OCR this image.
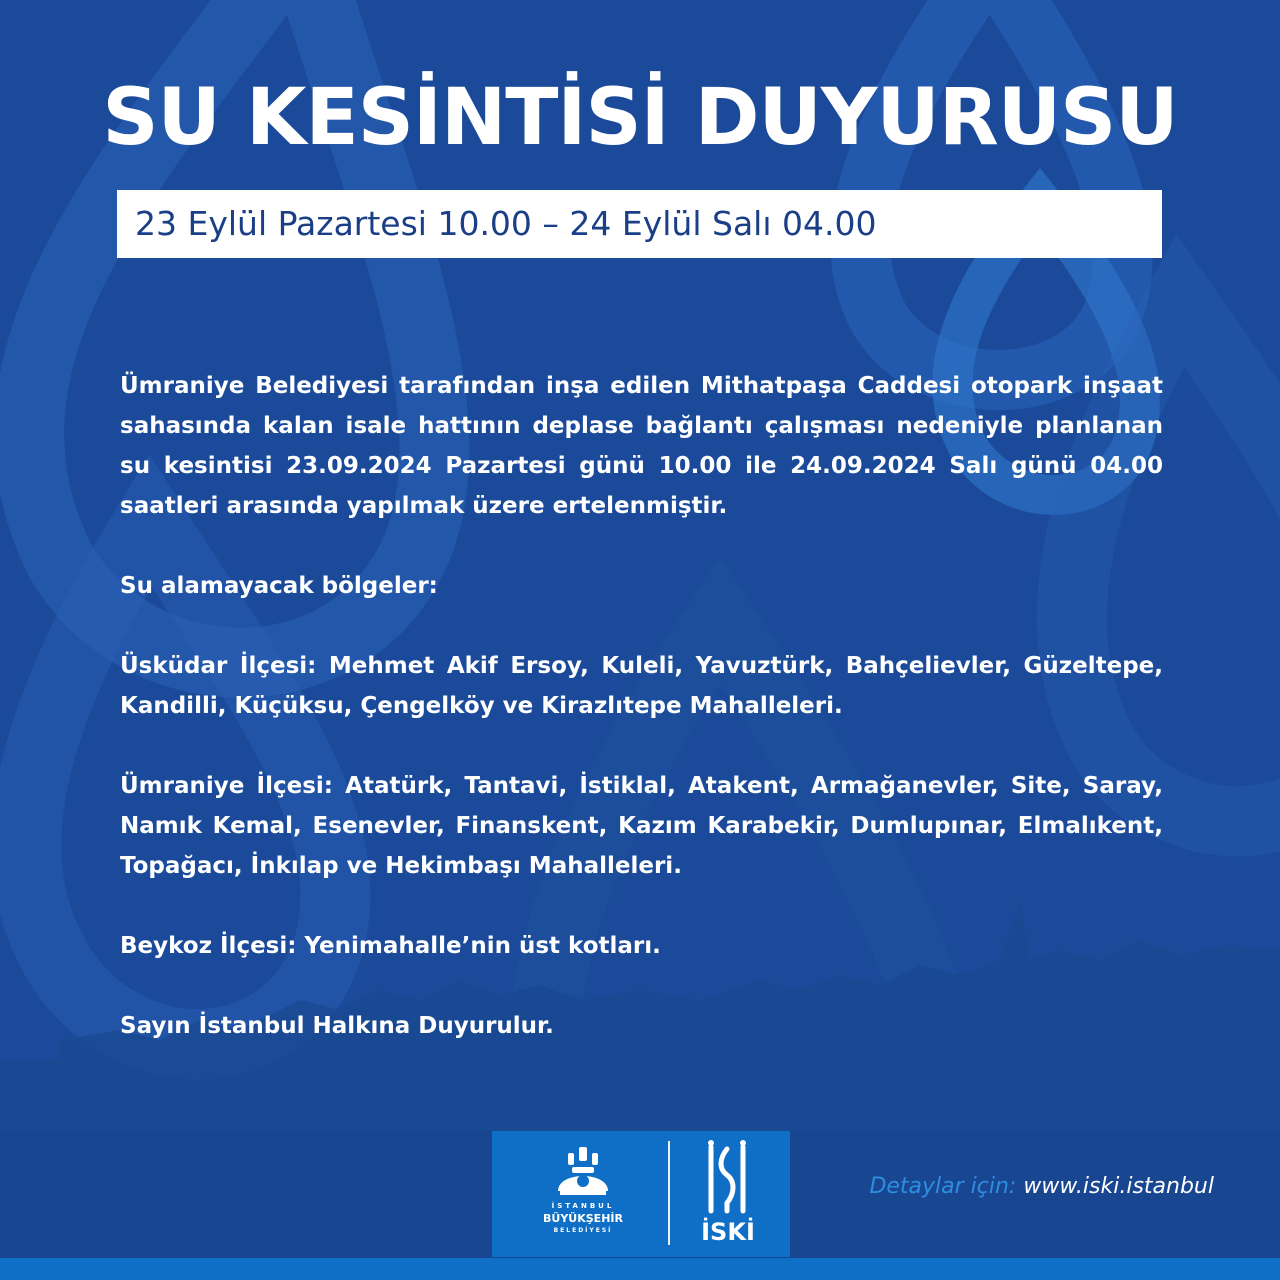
SU KESİNTİSİ DUYURUSU
23 Eylül Pazartesi 10.00 – 24 Eylül Salı 04.00

Ümraniye Belediyesi tarafından inşa edilen Mithatpaşa Caddesi otopark inşaat sahasında kalan isale hattının deplase bağlantı çalışması nedeniyle planlanan su kesintisi 23.09.2024 Pazartesi günü 10.00 ile 24.09.2024 Salı günü 04.00 saatleri arasında yapılmak üzere ertelenmiştir.

Su alamayacak bölgeler:

Üsküdar İlçesi: Mehmet Akif Ersoy, Kuleli, Yavuztürk, Bahçelievler, Güzeltepe, Kandilli, Küçüksu, Çengelköy ve Kirazlıtepe Mahalleleri.

Ümraniye İlçesi: Atatürk, Tantavi, İstiklal, Atakent, Armağanevler, Site, Saray, Namık Kemal, Esenevler, Finanskent, Kazım Karabekir, Dumlupınar, Elmalıkent, Topağacı, İnkılap ve Hekimbaşı Mahalleleri.

Beykoz İlçesi: Yenimahalle’nin üst kotları.

Sayın İstanbul Halkına Duyurulur.

İSTANBUL
BÜYÜKŞEHİR
BELEDİYESİ	İSKİ
Detaylar için: www.iski.istanbul
